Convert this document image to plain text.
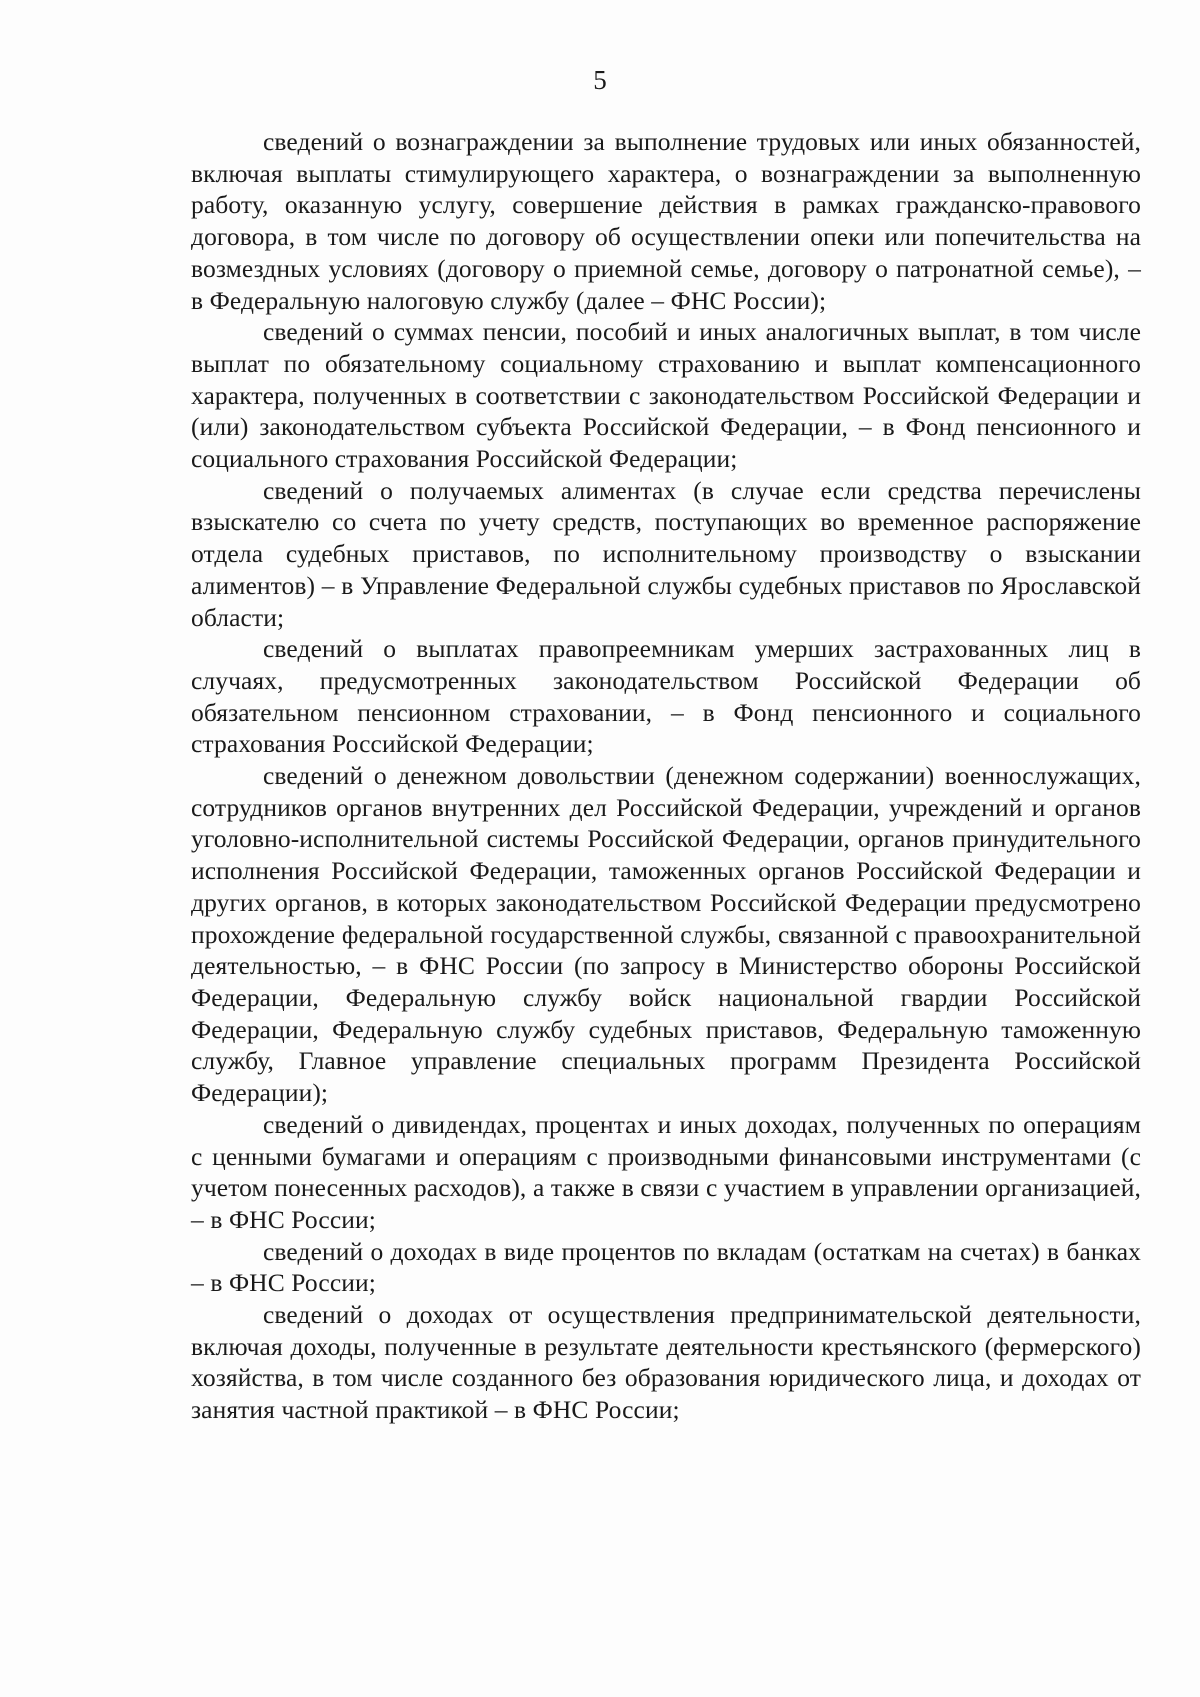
5

сведений о вознаграждении за выполнение трудовых или иных обязанностей, включая выплаты стимулирующего характера, о вознаграждении за выполненную работу, оказанную услугу, совершение действия в рамках гражданско-правового договора, в том числе по договору об осуществлении опеки или попечительства на возмездных условиях (договору о приемной семье, договору о патронатной семье), – в Федеральную налоговую службу (далее – ФНС России);

сведений о суммах пенсии, пособий и иных аналогичных выплат, в том числе выплат по обязательному социальному страхованию и выплат компенсационного характера, полученных в соответствии с законодательством Российской Федерации и (или) законодательством субъекта Российской Федерации, – в Фонд пенсионного и социального страхования Российской Федерации;

сведений о получаемых алиментах (в случае если средства перечислены взыскателю со счета по учету средств, поступающих во временное распоряжение отдела судебных приставов, по исполнительному производству о взыскании алиментов) – в Управление Федеральной службы судебных приставов по Ярославской области;

сведений о выплатах правопреемникам умерших застрахованных лиц в случаях, предусмотренных законодательством Российской Федерации об обязательном пенсионном страховании, – в Фонд пенсионного и социального страхования Российской Федерации;

сведений о денежном довольствии (денежном содержании) военнослужащих, сотрудников органов внутренних дел Российской Федерации, учреждений и органов уголовно-исполнительной системы Российской Федерации, органов принудительного исполнения Российской Федерации, таможенных органов Российской Федерации и других органов, в которых законодательством Российской Федерации предусмотрено прохождение федеральной государственной службы, связанной с правоохранительной деятельностью, – в ФНС России (по запросу в Министерство обороны Российской Федерации, Федеральную службу войск национальной гвардии Российской Федерации, Федеральную службу судебных приставов, Федеральную таможенную службу, Главное управление специальных программ Президента Российской Федерации);

сведений о дивидендах, процентах и иных доходах, полученных по операциям с ценными бумагами и операциям с производными финансовыми инструментами (с учетом понесенных расходов), а также в связи с участием в управлении организацией, – в ФНС России;

сведений о доходах в виде процентов по вкладам (остаткам на счетах) в банках – в ФНС России;

сведений о доходах от осуществления предпринимательской деятельности, включая доходы, полученные в результате деятельности крестьянского (фермерского) хозяйства, в том числе созданного без образования юридического лица, и доходах от занятия частной практикой – в ФНС России;
